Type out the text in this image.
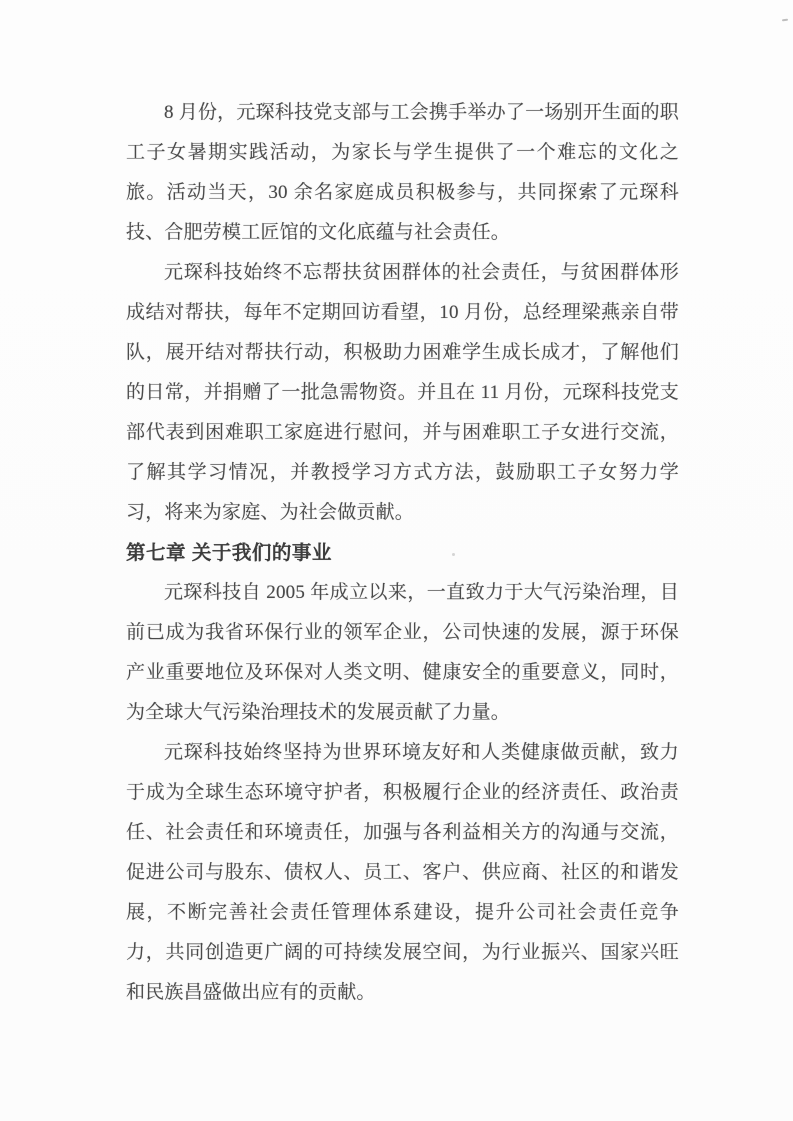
8 月份，元琛科技党支部与工会携手举办了一场别开生面的职工子女暑期实践活动，为家长与学生提供了一个难忘的文化之旅。活动当天，30 余名家庭成员积极参与，共同探索了元琛科技、合肥劳模工匠馆的文化底蕴与社会责任。

元琛科技始终不忘帮扶贫困群体的社会责任，与贫困群体形成结对帮扶，每年不定期回访看望，10 月份，总经理梁燕亲自带队，展开结对帮扶行动，积极助力困难学生成长成才，了解他们的日常，并捐赠了一批急需物资。并且在 11 月份，元琛科技党支部代表到困难职工家庭进行慰问，并与困难职工子女进行交流，了解其学习情况，并教授学习方式方法，鼓励职工子女努力学习，将来为家庭、为社会做贡献。

第七章 关于我们的事业

元琛科技自 2005 年成立以来，一直致力于大气污染治理，目前已成为我省环保行业的领军企业，公司快速的发展，源于环保产业重要地位及环保对人类文明、健康安全的重要意义，同时，为全球大气污染治理技术的发展贡献了力量。

元琛科技始终坚持为世界环境友好和人类健康做贡献，致力于成为全球生态环境守护者，积极履行企业的经济责任、政治责任、社会责任和环境责任，加强与各利益相关方的沟通与交流，促进公司与股东、债权人、员工、客户、供应商、社区的和谐发展，不断完善社会责任管理体系建设，提升公司社会责任竞争力，共同创造更广阔的可持续发展空间，为行业振兴、国家兴旺和民族昌盛做出应有的贡献。
